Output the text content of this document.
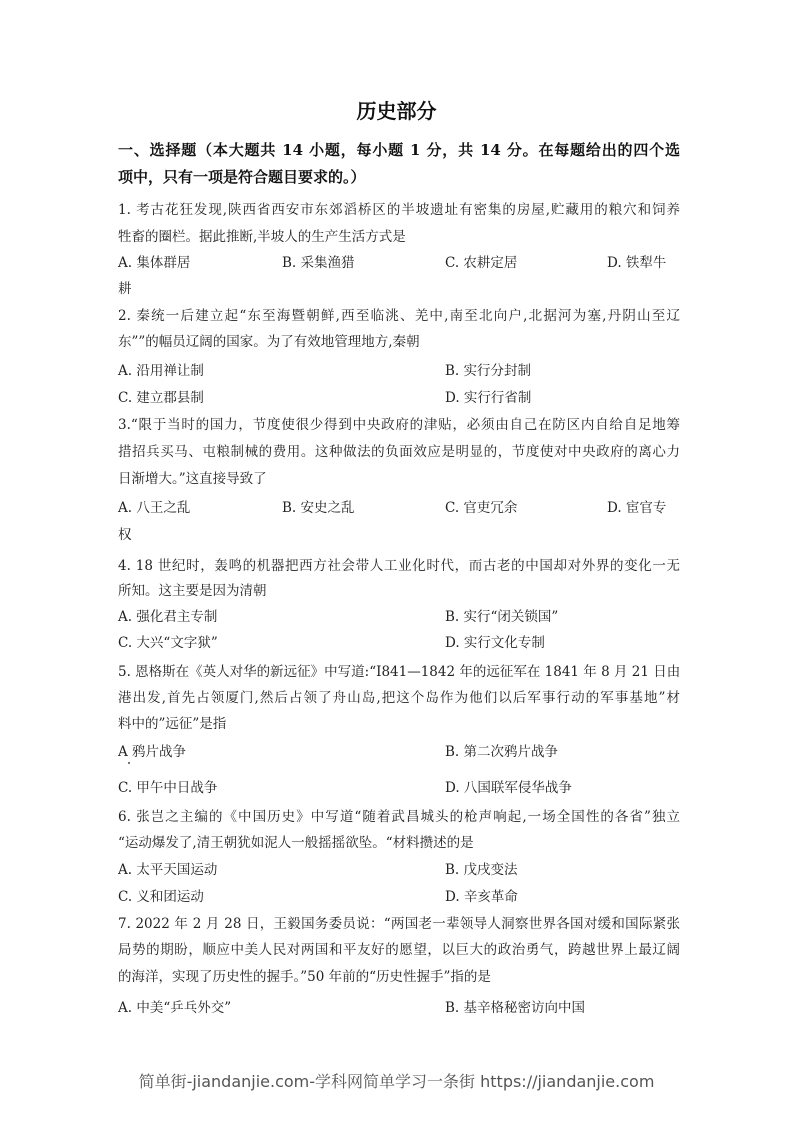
历史部分
一、选择题（本大题共 14 小题，每小题 1 分，共 14 分。在每题给出的四个选
项中，只有一项是符合题目要求的。）
1. 考古花狂发现,陕西省西安市东郊滔桥区的半坡遗址有密集的房屋,贮藏用的粮穴和饲养
牲畜的圈栏。据此推断,半坡人的生产生活方式是
A. 集体群居	B. 采集渔猎	C. 农耕定居	D. 铁犁牛
耕
2. 秦统一后建立起“东至海暨朝鲜,西至临洮、羌中,南至北向户,北据河为塞,丹阴山至辽
东””的幅员辽阔的国家。为了有效地管理地方,秦朝
A. 沿用禅让制	B. 实行分封制
C. 建立郡县制	D. 实行行省制
3.“限于当时的国力，节度使很少得到中央政府的津贴，必须由自己在防区内自给自足地筹
措招兵买马、屯粮制械的费用。这种做法的负面效应是明显的，节度使对中央政府的离心力
日渐增大。”这直接导致了
A. 八王之乱	B. 安史之乱	C. 官吏冗余	D. 宦官专
权
4. 18 世纪时，轰鸣的机器把西方社会带人工业化时代，而古老的中国却对外界的变化一无
所知。这主要是因为清朝
A. 强化君主专制	B. 实行“闭关锁国”
C. 大兴“文字狱”	D. 实行文化专制
5. 恩格斯在《英人对华的新远征》中写道:“I841—1842 年的远征军在 1841 年 8 月 21 日由
港出发,首先占领厦门,然后占领了舟山岛,把这个岛作为他们以后军事行动的军事基地”材
料中的”远征”是指
A 鸦片战争	B. 第二次鸦片战争
C. 甲午中日战争	D. 八国联军侵华战争
6. 张岂之主编的《中国历史》中写道“随着武昌城头的枪声响起,一场全国性的各省”独立
“运动爆发了,清王朝犹如泥人一般摇摇欲坠。“材料攒述的是
A. 太平天国运动	B. 戊戌变法
C. 义和团运动	D. 辛亥革命
7. 2022 年 2 月 28 日，王毅国务委员说：“两国老一辈领导人洞察世界各国对缓和国际紧张
局势的期盼，顺应中美人民对两国和平友好的愿望，以巨大的政治勇气，跨越世界上最辽阔
的海洋，实现了历史性的握手。”50 年前的“历史性握手”指的是
A. 中美“乒乓外交”	B. 基辛格秘密访向中国
简单街-jiandanjie.com-学科网简单学习一条街 https://jiandanjie.com
